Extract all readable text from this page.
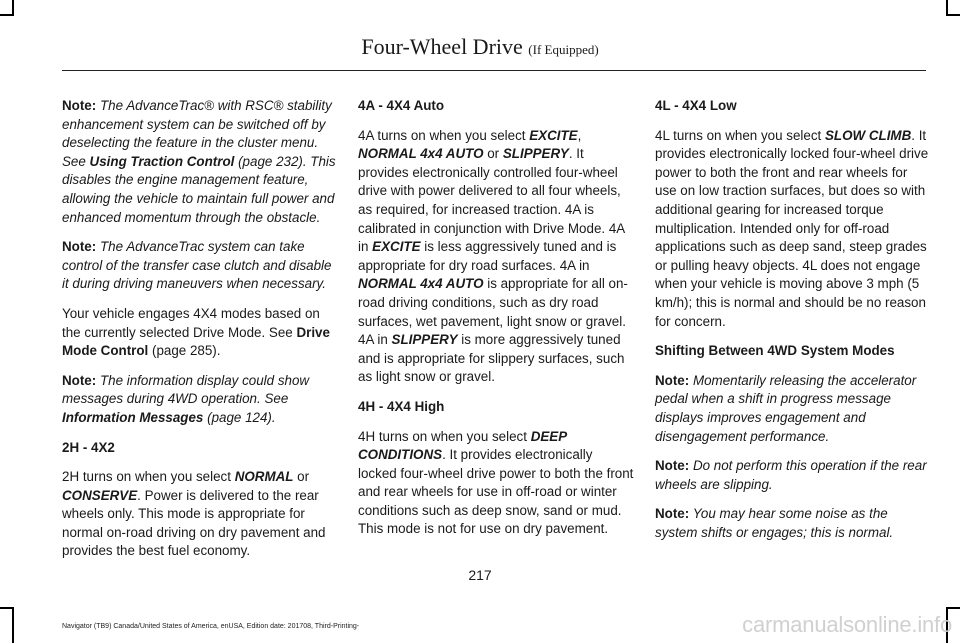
Four-Wheel Drive (If Equipped)

Note: The AdvanceTrac® with RSC® stability enhancement system can be switched off by deselecting the feature in the cluster menu. See Using Traction Control (page 232). This disables the engine management feature, allowing the vehicle to maintain full power and enhanced momentum through the obstacle.

Note: The AdvanceTrac system can take control of the transfer case clutch and disable it during driving maneuvers when necessary.

Your vehicle engages 4X4 modes based on the currently selected Drive Mode. See Drive Mode Control (page 285).

Note: The information display could show messages during 4WD operation. See Information Messages (page 124).

2H - 4X2

2H turns on when you select NORMAL or CONSERVE. Power is delivered to the rear wheels only. This mode is appropriate for normal on-road driving on dry pavement and provides the best fuel economy.

4A - 4X4 Auto

4A turns on when you select EXCITE, NORMAL 4x4 AUTO or SLIPPERY. It provides electronically controlled four-wheel drive with power delivered to all four wheels, as required, for increased traction. 4A is calibrated in conjunction with Drive Mode. 4A in EXCITE is less aggressively tuned and is appropriate for dry road surfaces. 4A in NORMAL 4x4 AUTO is appropriate for all on-road driving conditions, such as dry road surfaces, wet pavement, light snow or gravel. 4A in SLIPPERY is more aggressively tuned and is appropriate for slippery surfaces, such as light snow or gravel.

4H - 4X4 High

4H turns on when you select DEEP CONDITIONS. It provides electronically locked four-wheel drive power to both the front and rear wheels for use in off-road or winter conditions such as deep snow, sand or mud. This mode is not for use on dry pavement.

4L - 4X4 Low

4L turns on when you select SLOW CLIMB. It provides electronically locked four-wheel drive power to both the front and rear wheels for use on low traction surfaces, but does so with additional gearing for increased torque multiplication. Intended only for off-road applications such as deep sand, steep grades or pulling heavy objects. 4L does not engage when your vehicle is moving above 3 mph (5 km/h); this is normal and should be no reason for concern.

Shifting Between 4WD System Modes

Note: Momentarily releasing the accelerator pedal when a shift in progress message displays improves engagement and disengagement performance.

Note: Do not perform this operation if the rear wheels are slipping.

Note: You may hear some noise as the system shifts or engages; this is normal.

217
Navigator (TB9) Canada/United States of America, enUSA, Edition date: 201708, Third-Printing-	carmanualsonline.info
